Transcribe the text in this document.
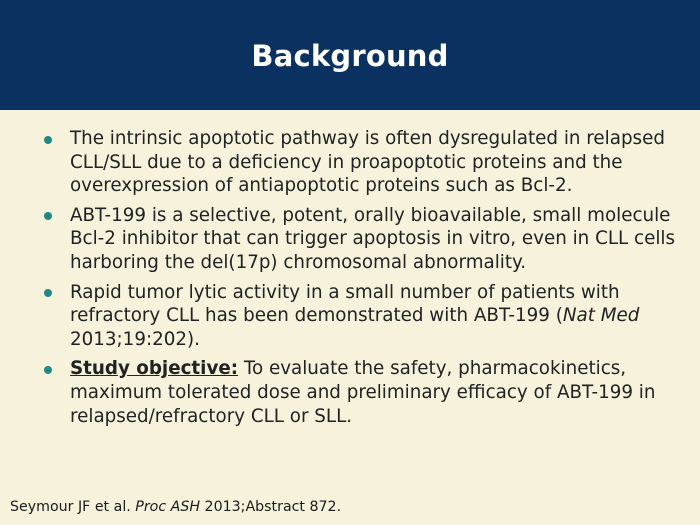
Background
The intrinsic apoptotic pathway is often dysregulated in relapsed CLL/SLL due to a deficiency in proapoptotic proteins and the overexpression of antiapoptotic proteins such as Bcl-2.
ABT-199 is a selective, potent, orally bioavailable, small molecule Bcl-2 inhibitor that can trigger apoptosis in vitro, even in CLL cells harboring the del(17p) chromosomal abnormality.
Rapid tumor lytic activity in a small number of patients with refractory CLL has been demonstrated with ABT-199 (Nat Med 2013;19:202).
Study objective: To evaluate the safety, pharmacokinetics, maximum tolerated dose and preliminary efficacy of ABT-199 in relapsed/refractory CLL or SLL.
Seymour JF et al. Proc ASH 2013;Abstract 872.
